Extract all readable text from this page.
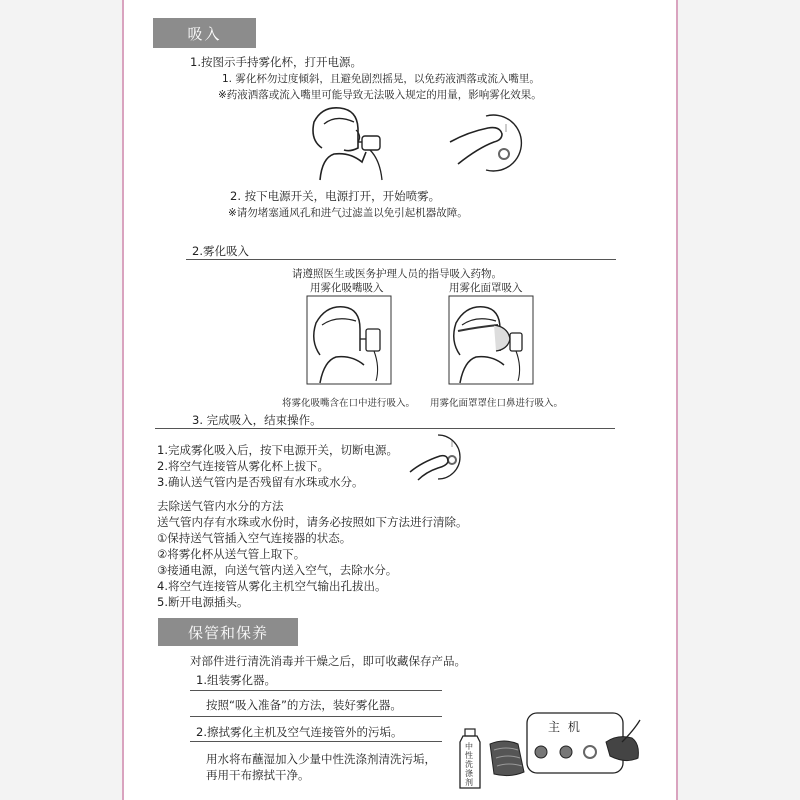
吸入
1.按图示手持雾化杯，打开电源。
1. 雾化杯勿过度倾斜，且避免剧烈摇晃，以免药液洒落或流入嘴里。
※药液洒落或流入嘴里可能导致无法吸入规定的用量，影响雾化效果。
2. 按下电源开关，电源打开，开始喷雾。
※请勿堵塞通风孔和进气过滤盖以免引起机器故障。
2.雾化吸入
请遵照医生或医务护理人员的指导吸入药物。
用雾化吸嘴吸入	用雾化面罩吸入
将雾化吸嘴含在口中进行吸入。 用雾化面罩罩住口鼻进行吸入。
3. 完成吸入，结束操作。
1.完成雾化吸入后，按下电源开关，切断电源。
2.将空气连接管从雾化杯上拔下。
3.确认送气管内是否残留有水珠或水分。
去除送气管内水分的方法
送气管内存有水珠或水份时，请务必按照如下方法进行清除。
①保持送气管插入空气连接器的状态。
②将雾化杯从送气管上取下。
③接通电源，向送气管内送入空气，去除水分。
4.将空气连接管从雾化主机空气输出孔拔出。
5.断开电源插头。
保管和保养
对部件进行清洗消毒并干燥之后，即可收藏保存产品。
1.组装雾化器。
按照“吸入准备”的方法，装好雾化器。
2.擦拭雾化主机及空气连接管外的污垢。
用水将布蘸湿加入少量中性洗涤剂清洗污垢，
再用干布擦拭干净。
中性洗涤剂
主 机
